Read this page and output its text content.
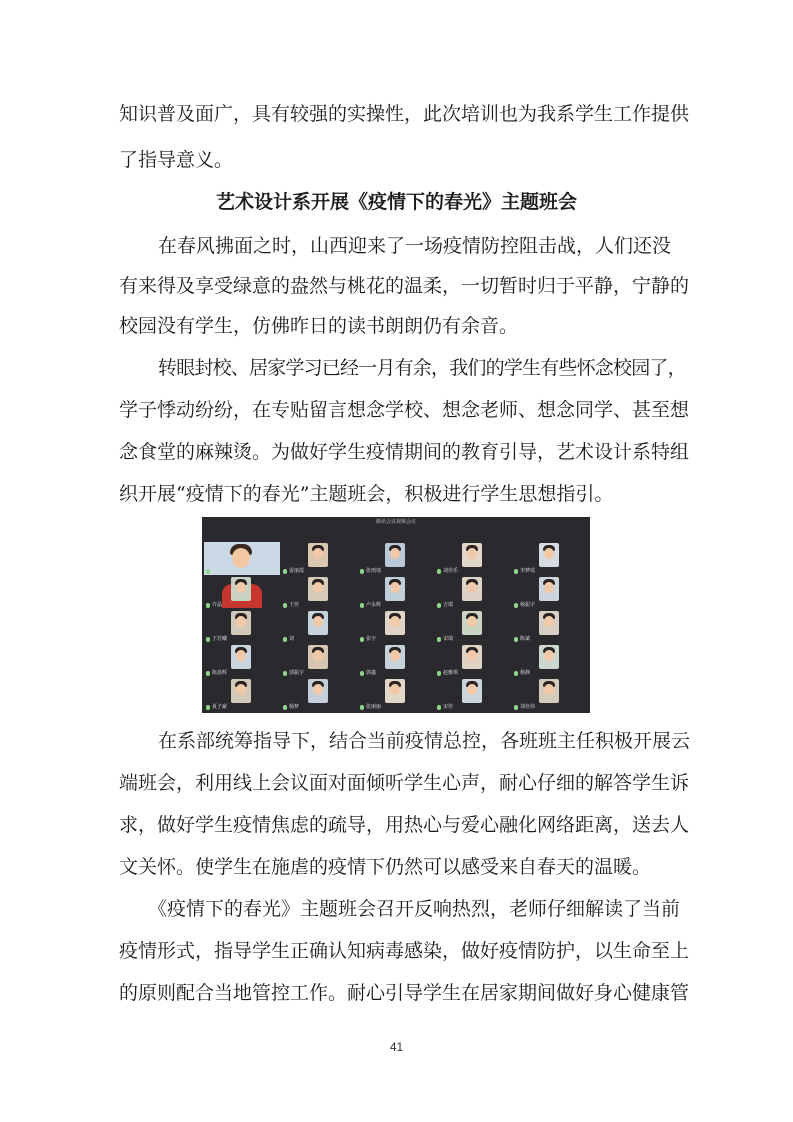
知识普及面广，具有较强的实操性，此次培训也为我系学生工作提供
了指导意义。
艺术设计系开展《疫情下的春光》主题班会
在春风拂面之时，山西迎来了一场疫情防控阻击战，人们还没
有来得及享受绿意的盎然与桃花的温柔，一切暂时归于平静，宁静的
校园没有学生，仿佛昨日的读书朗朗仍有余音。
转眼封校、居家学习已经一月有余，我们的学生有些怀念校园了，
学子悸动纷纷，在专贴留言想念学校、想念老师、想念同学、甚至想
念食堂的麻辣烫。为做好学生疫情期间的教育引导，艺术设计系特组
织开展“疫情下的春光”主题班会，积极进行学生思想指引。
腾讯会议视频会议
雷丽霞	张雨琦	刘佳乐	李梦瑶
许晶	王佳	卢永辉	吉瑞	杨振宇
王若曦	刘	张宇	宋瑞	陈斌
陈晨辉	郭振宇	郭鑫	赵雅琪	杨静
夏子豪	杨梦	张丽丽	宋佳	刘佳伟
在系部统筹指导下，结合当前疫情总控，各班班主任积极开展云
端班会，利用线上会议面对面倾听学生心声，耐心仔细的解答学生诉
求，做好学生疫情焦虑的疏导，用热心与爱心融化网络距离，送去人
文关怀。使学生在施虐的疫情下仍然可以感受来自春天的温暖。
《疫情下的春光》主题班会召开反响热烈，老师仔细解读了当前
疫情形式，指导学生正确认知病毒感染，做好疫情防护，以生命至上
的原则配合当地管控工作。耐心引导学生在居家期间做好身心健康管
41
